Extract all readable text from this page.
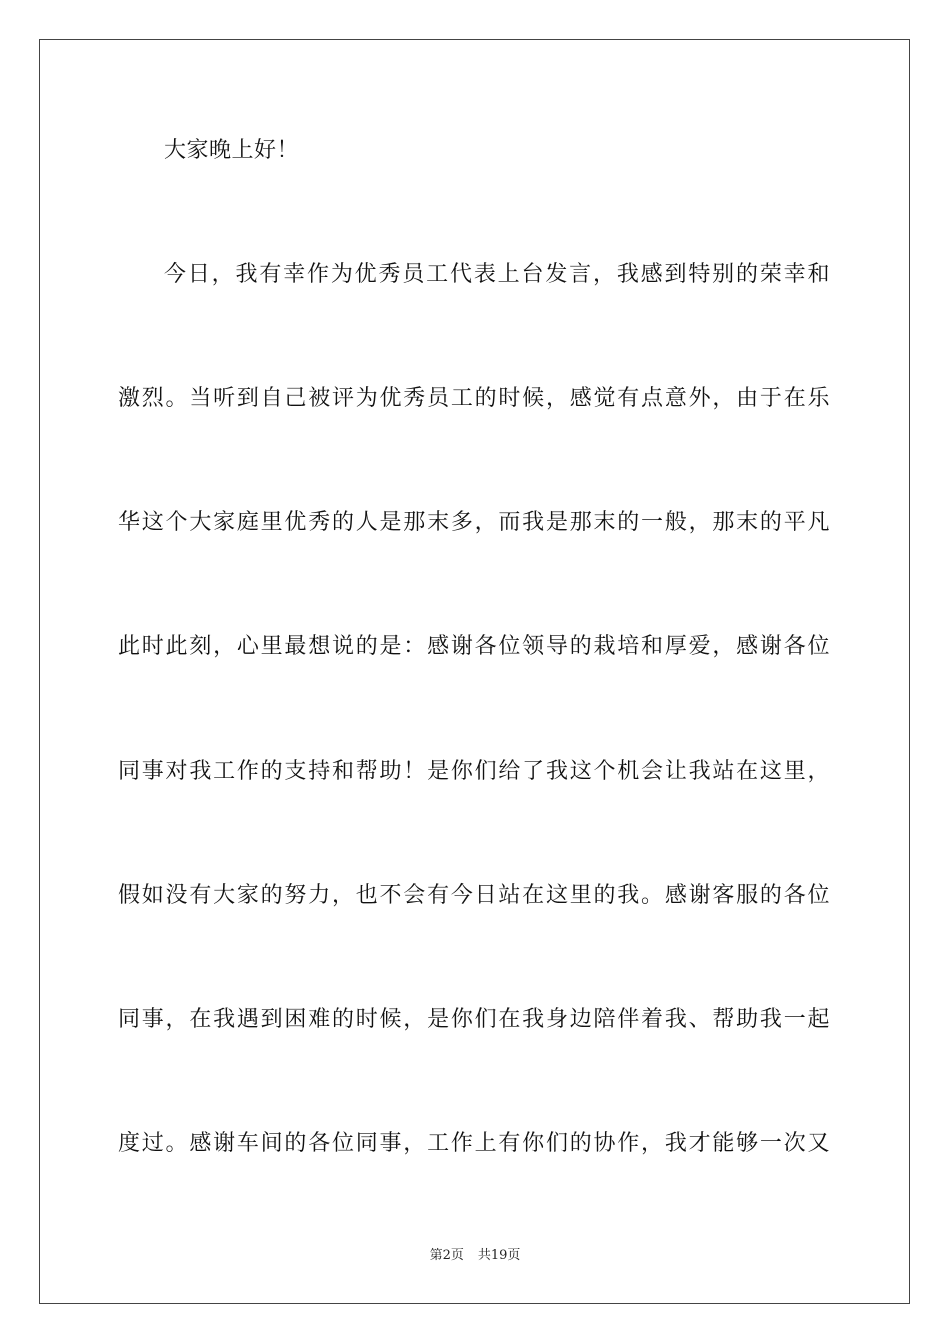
大家晚上好！
今日，我有幸作为优秀员工代表上台发言，我感到特别的荣幸和
激烈。当听到自己被评为优秀员工的时候，感觉有点意外，由于在乐
华这个大家庭里优秀的人是那末多，而我是那末的一般，那末的平凡
此时此刻，心里最想说的是：感谢各位领导的栽培和厚爱，感谢各位
同事对我工作的支持和帮助！是你们给了我这个机会让我站在这里，
假如没有大家的努力，也不会有今日站在这里的我。感谢客服的各位
同事，在我遇到困难的时候，是你们在我身边陪伴着我、帮助我一起
度过。感谢车间的各位同事，工作上有你们的协作，我才能够一次又
第2页 共19页
